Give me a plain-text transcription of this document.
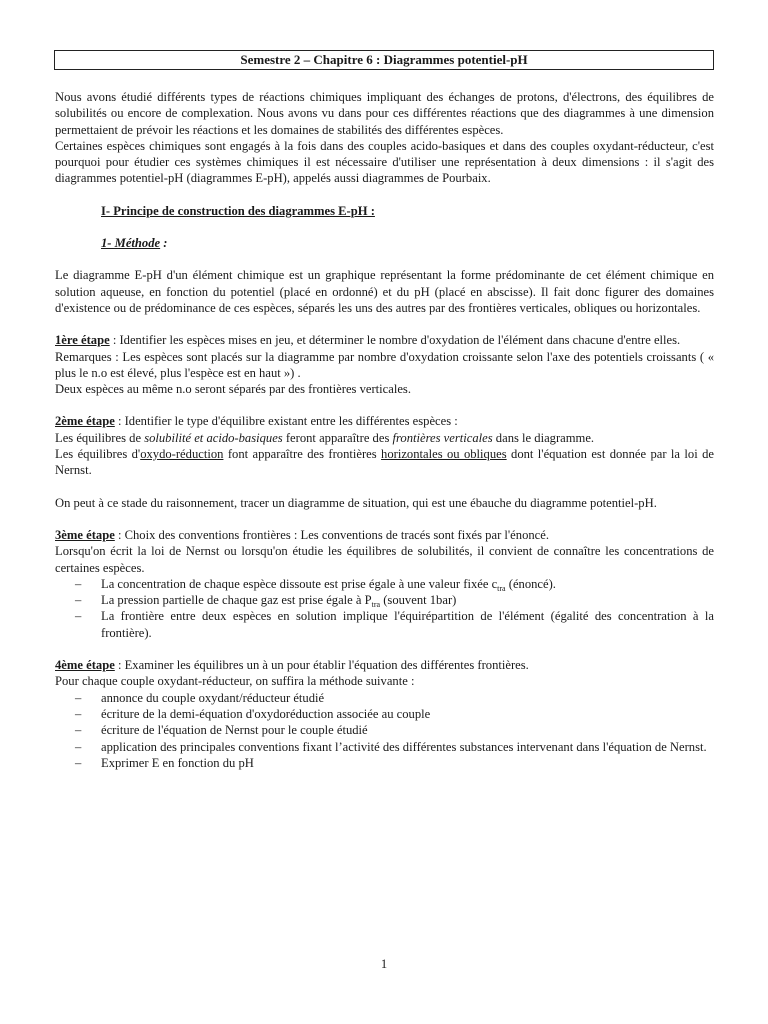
Semestre 2 – Chapitre 6 : Diagrammes potentiel-pH

Nous avons étudié différents types de réactions chimiques impliquant des échanges de protons, d'électrons, des équilibres de solubilités ou encore de complexation. Nous avons vu dans pour ces différentes réactions que des diagrammes à une dimension permettaient de prévoir les réactions et les domaines de stabilités des différentes espèces.

Certaines espèces chimiques sont engagés à la fois dans des couples acido-basiques et dans des couples oxydant-réducteur, c'est pourquoi pour étudier ces systèmes chimiques il est nécessaire d'utiliser une représentation à deux dimensions : il s'agit des diagrammes potentiel-pH (diagrammes E-pH), appelés aussi diagrammes de Pourbaix.

I- Principe de construction des diagrammes E-pH :

1- Méthode :

Le diagramme E-pH d'un élément chimique est un graphique représentant la forme prédominante de cet élément chimique en solution aqueuse, en fonction du potentiel (placé en ordonné) et du pH (placé en abscisse). Il fait donc figurer des domaines d'existence ou de prédominance de ces espèces, séparés les uns des autres par des frontières verticales, obliques ou horizontales.

1ère étape : Identifier les espèces mises en jeu, et déterminer le nombre d'oxydation de l'élément dans chacune d'entre elles.

Remarques : Les espèces sont placés sur la diagramme par nombre d'oxydation croissante selon l'axe des potentiels croissants ( « plus le n.o est élevé, plus l'espèce est en haut ») .

Deux espèces au même n.o seront séparés par des frontières verticales.

2ème étape : Identifier le type d'équilibre existant entre les différentes espèces :

Les équilibres de solubilité et acido-basiques feront apparaître des frontières verticales dans le diagramme.

Les équilibres d'oxydo-réduction font apparaître des frontières horizontales ou obliques dont l'équation est donnée par la loi de Nernst.

On peut à ce stade du raisonnement, tracer un diagramme de situation, qui est une ébauche du diagramme potentiel-pH.

3ème étape : Choix des conventions frontières : Les conventions de tracés sont fixés par l'énoncé.

Lorsqu'on écrit la loi de Nernst ou lorsqu'on étudie les équilibres de solubilités, il convient de connaître les concentrations de certaines espèces.

– La concentration de chaque espèce dissoute est prise égale à une valeur fixée $c_{tra}$ (énoncé).
– La pression partielle de chaque gaz est prise égale à $P_{tra}$ (souvent 1bar)
– La frontière entre deux espèces en solution implique l'équirépartition de l'élément (égalité des concentration à la frontière).

4ème étape : Examiner les équilibres un à un pour établir l'équation des différentes frontières.

Pour chaque couple oxydant-réducteur, on suffira la méthode suivante :

– annonce du couple oxydant/réducteur étudié
– écriture de la demi-équation d'oxydoréduction associée au couple
– écriture de l'équation de Nernst pour le couple étudié
– application des principales conventions fixant l’activité des différentes substances intervenant dans l'équation de Nernst.
– Exprimer E en fonction du pH
1
